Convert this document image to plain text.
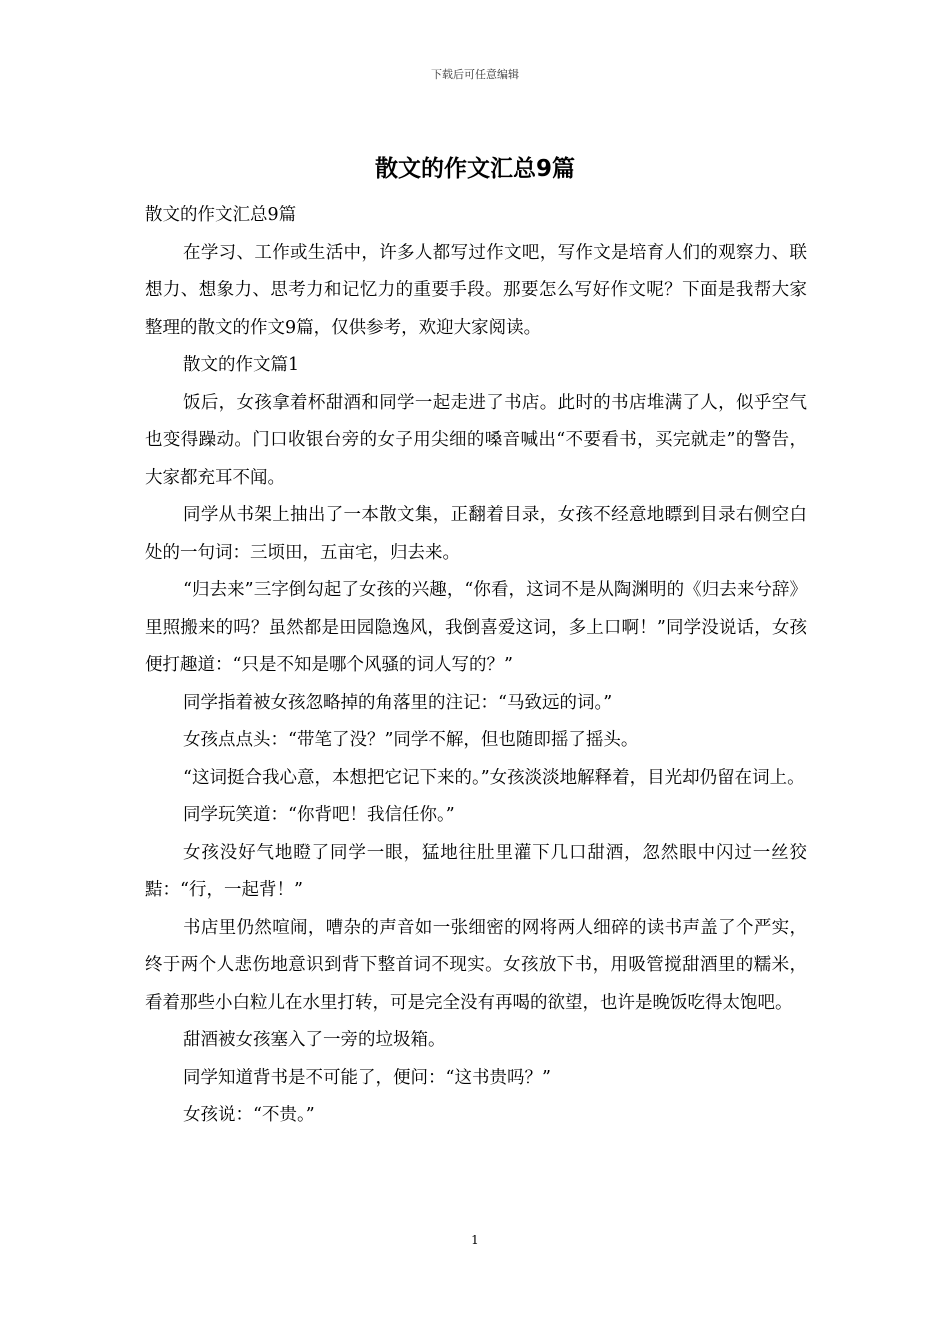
下载后可任意编辑
散文的作文汇总9篇

散文的作文汇总9篇

在学习、工作或生活中，许多人都写过作文吧，写作文是培育人们的观察力、联想力、想象力、思考力和记忆力的重要手段。那要怎么写好作文呢？下面是我帮大家整理的散文的作文9篇，仅供参考，欢迎大家阅读。

散文的作文篇1

饭后，女孩拿着杯甜酒和同学一起走进了书店。此时的书店堆满了人，似乎空气也变得躁动。门口收银台旁的女子用尖细的嗓音喊出“不要看书，买完就走”的警告，大家都充耳不闻。

同学从书架上抽出了一本散文集，正翻着目录，女孩不经意地瞟到目录右侧空白处的一句词：三顷田，五亩宅，归去来。

“归去来”三字倒勾起了女孩的兴趣，“你看，这词不是从陶渊明的《归去来兮辞》里照搬来的吗？虽然都是田园隐逸风，我倒喜爱这词，多上口啊！”同学没说话，女孩便打趣道：“只是不知是哪个风骚的词人写的？”

同学指着被女孩忽略掉的角落里的注记：“马致远的词。”

女孩点点头：“带笔了没？”同学不解，但也随即摇了摇头。

“这词挺合我心意，本想把它记下来的。”女孩淡淡地解释着，目光却仍留在词上。

同学玩笑道：“你背吧！我信任你。”

女孩没好气地瞪了同学一眼，猛地往肚里灌下几口甜酒，忽然眼中闪过一丝狡黠：“行，一起背！”

书店里仍然喧闹，嘈杂的声音如一张细密的网将两人细碎的读书声盖了个严实，终于两个人悲伤地意识到背下整首词不现实。女孩放下书，用吸管搅甜酒里的糯米，看着那些小白粒儿在水里打转，可是完全没有再喝的欲望，也许是晚饭吃得太饱吧。

甜酒被女孩塞入了一旁的垃圾箱。

同学知道背书是不可能了，便问：“这书贵吗？”

女孩说：“不贵。”

1
